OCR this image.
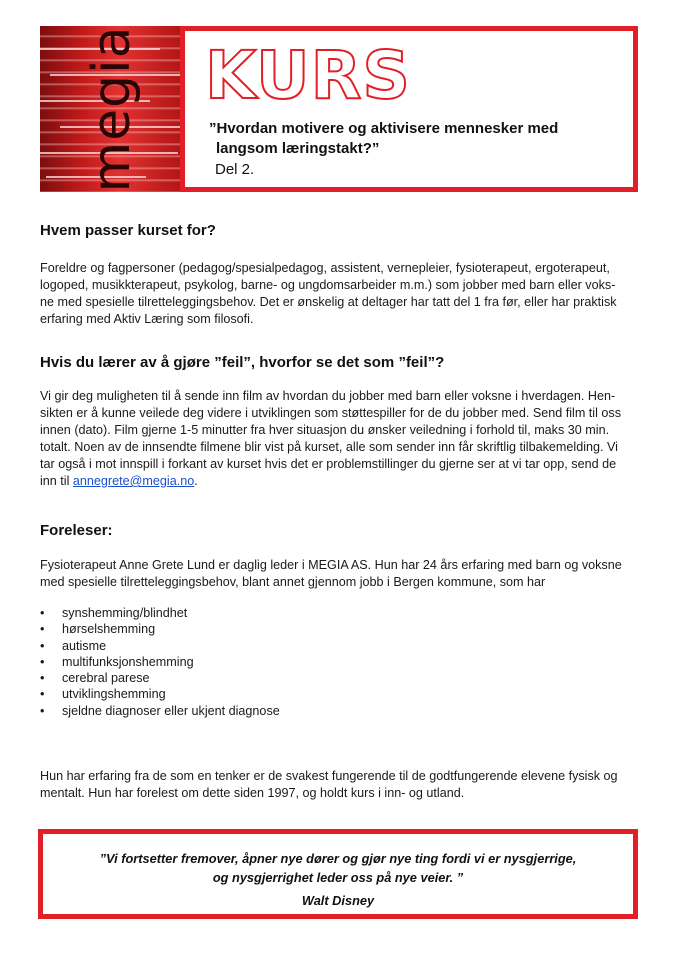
megia KURS
”Hvordan motivere og aktivisere mennesker med
langsom læringstakt?”
Del 2.
Hvem passer kurset for?

Foreldre og fagpersoner (pedagog/spesialpedagog, assistent, vernepleier, fysioterapeut, ergoterapeut,
logoped, musikkterapeut, psykolog, barne- og ungdomsarbeider m.m.) som jobber med barn eller voks-
ne med spesielle tilretteleggingsbehov. Det er ønskelig at deltager har tatt del 1 fra før, eller har praktisk
erfaring med Aktiv Læring som filosofi.

Hvis du lærer av å gjøre ”feil”, hvorfor se det som ”feil”?

Vi gir deg muligheten til å sende inn film av hvordan du jobber med barn eller voksne i hverdagen. Hen-
sikten er å kunne veilede deg videre i utviklingen som støttespiller for de du jobber med. Send film til oss
innen (dato). Film gjerne 1-5 minutter fra hver situasjon du ønsker veiledning i forhold til, maks 30 min.
totalt. Noen av de innsendte filmene blir vist på kurset, alle som sender inn får skriftlig tilbakemelding. Vi
tar også i mot innspill i forkant av kurset hvis det er problemstillinger du gjerne ser at vi tar opp, send de
inn til annegrete@megia.no.

Foreleser:

Fysioterapeut Anne Grete Lund er daglig leder i MEGIA AS. Hun har 24 års erfaring med barn og voksne
med spesielle tilretteleggingsbehov, blant annet gjennom jobb i Bergen kommune, som har

• synshemming/blindhet
• hørselshemming
• autisme
• multifunksjonshemming
• cerebral parese
• utviklingshemming
• sjeldne diagnoser eller ukjent diagnose

Hun har erfaring fra de som en tenker er de svakest fungerende til de godtfungerende elevene fysisk og
mentalt. Hun har forelest om dette siden 1997, og holdt kurs i inn- og utland.

”Vi fortsetter fremover, åpner nye dører og gjør nye ting fordi vi er nysgjerrige,
og nysgjerrighet leder oss på nye veier. ”
Walt Disney
